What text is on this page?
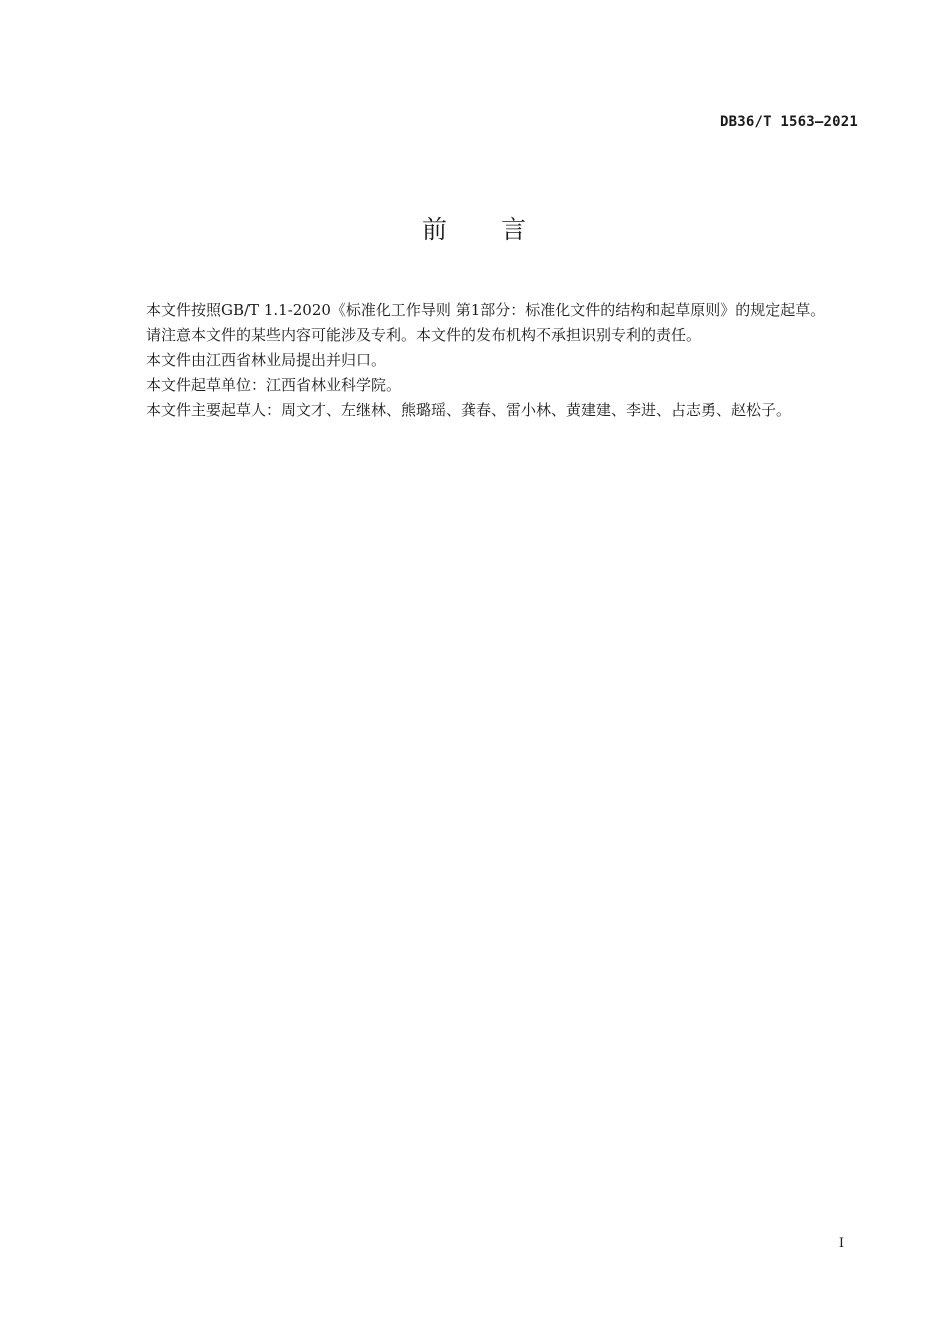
DB36/T 1563—2021
前 言

本文件按照GB/T 1.1-2020《标准化工作导则 第1部分：标准化文件的结构和起草原则》的规定起草。

请注意本文件的某些内容可能涉及专利。本文件的发布机构不承担识别专利的责任。

本文件由江西省林业局提出并归口。

本文件起草单位：江西省林业科学院。

本文件主要起草人：周文才、左继林、熊璐瑶、龚春、雷小林、黄建建、李进、占志勇、赵松子。

I
